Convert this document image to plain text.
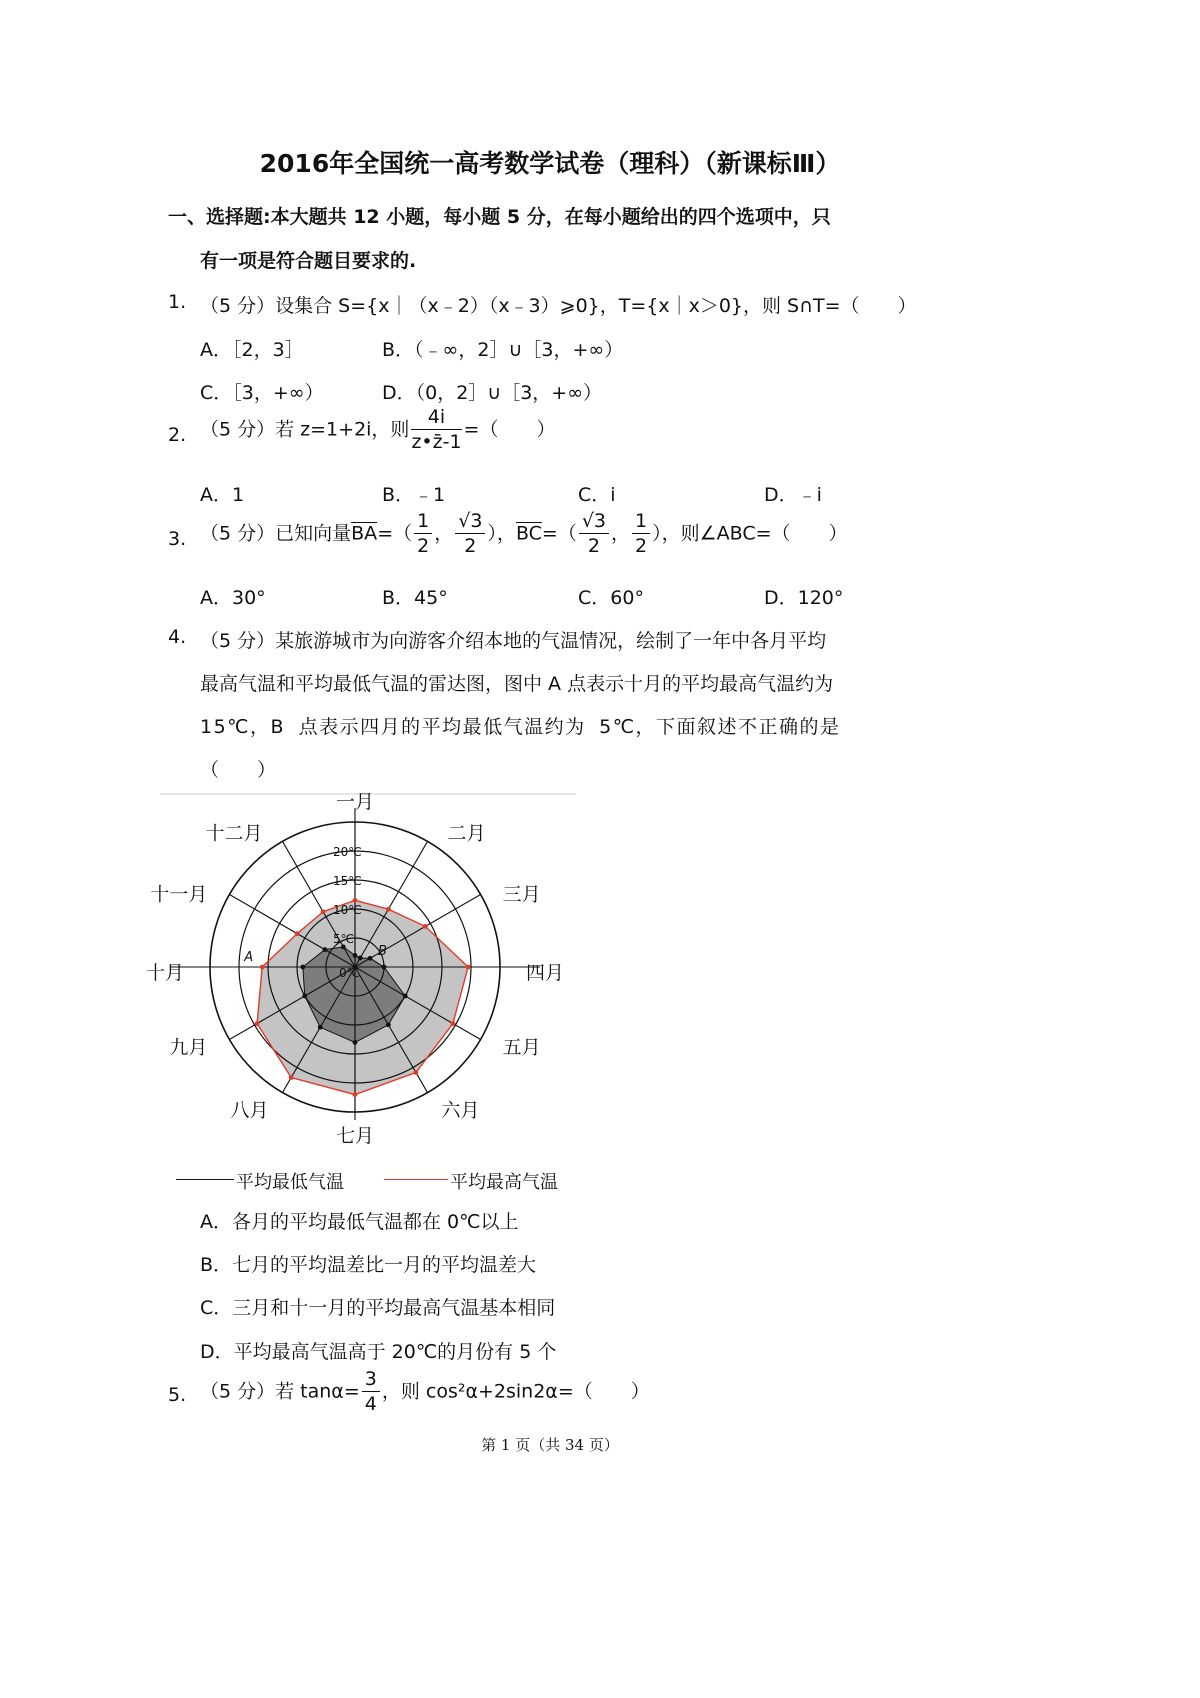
2016年全国统一高考数学试卷（理科）（新课标Ⅲ）
一、选择题:本大题共 12 小题，每小题 5 分，在每小题给出的四个选项中，只
有一项是符合题目要求的.
1. （5 分）设集合 S={x｜（x﹣2）（x﹣3）⩾0}，T={x｜x＞0}，则 S∩T=（　　）
A．［2，3］	B．（﹣∞，2］∪［3，+∞）
C．［3，+∞）	D．（0，2］∪［3，+∞）
2. （5 分）若 z=1+2i，则 $\frac{4i}{z•z̄-1}$ =（　　）
A．1	B．﹣1	C．i	D．﹣i
3. （5 分）已知向量$\overline{BA}=( \frac{1}{2}$ ， $\frac{√3}{2}$ ），$\overline{BC}=( \frac{√3}{2}$ ， $\frac{1}{2}$ ），则∠ABC=（　　）
A．30°	B．45°	C．60°	D．120°
4. （5 分）某旅游城市为向游客介绍本地的气温情况，绘制了一年中各月平均
最高气温和平均最低气温的雷达图，图中 A 点表示十月的平均最高气温约为
15℃，B 点表示四月的平均最低气温约为 5℃，下面叙述不正确的是
（　　）
0℃
5℃
10℃
15℃
20℃
一月
二月
三月
四月
五月
六月
七月
八月
九月
十月
十一月
十二月
A	B
平均最低气温	平均最高气温
A．各月的平均最低气温都在 0℃以上
B．七月的平均温差比一月的平均温差大
C．三月和十一月的平均最高气温基本相同
D．平均最高气温高于 20℃的月份有 5 个
5. （5 分）若 $\tan\alpha= \frac{3}{4}$ ，则 cos²α+2sin2α=（　　）
第 1 页（共 34 页）
